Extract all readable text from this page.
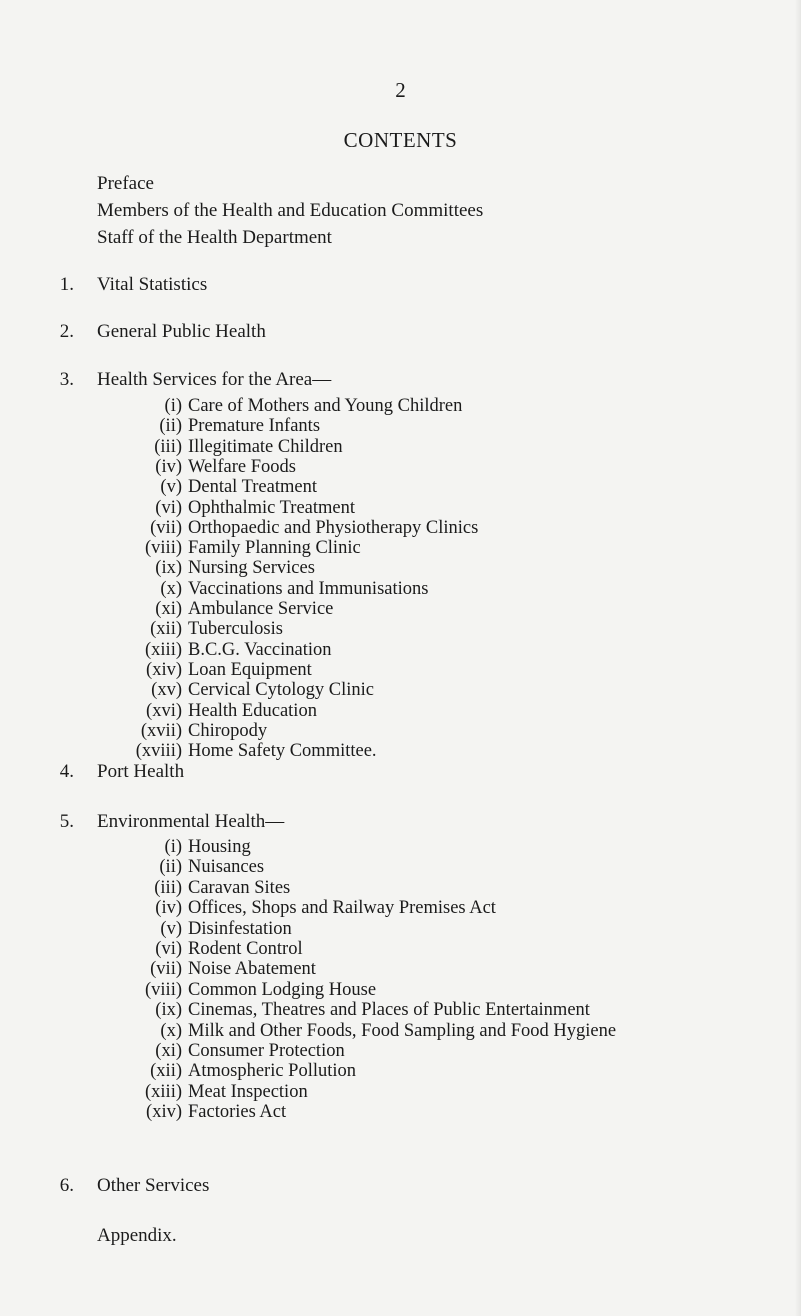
2
CONTENTS
Preface
Members of the Health and Education Committees
Staff of the Health Department
1. Vital Statistics
2. General Public Health
3. Health Services for the Area—
(i) Care of Mothers and Young Children
(ii) Premature Infants
(iii) Illegitimate Children
(iv) Welfare Foods
(v) Dental Treatment
(vi) Ophthalmic Treatment
(vii) Orthopaedic and Physiotherapy Clinics
(viii) Family Planning Clinic
(ix) Nursing Services
(x) Vaccinations and Immunisations
(xi) Ambulance Service
(xii) Tuberculosis
(xiii) B.C.G. Vaccination
(xiv) Loan Equipment
(xv) Cervical Cytology Clinic
(xvi) Health Education
(xvii) Chiropody
(xviii) Home Safety Committee.
4. Port Health
5. Environmental Health—
(i) Housing
(ii) Nuisances
(iii) Caravan Sites
(iv) Offices, Shops and Railway Premises Act
(v) Disinfestation
(vi) Rodent Control
(vii) Noise Abatement
(viii) Common Lodging House
(ix) Cinemas, Theatres and Places of Public Entertainment
(x) Milk and Other Foods, Food Sampling and Food Hygiene
(xi) Consumer Protection
(xii) Atmospheric Pollution
(xiii) Meat Inspection
(xiv) Factories Act
6. Other Services
Appendix.
